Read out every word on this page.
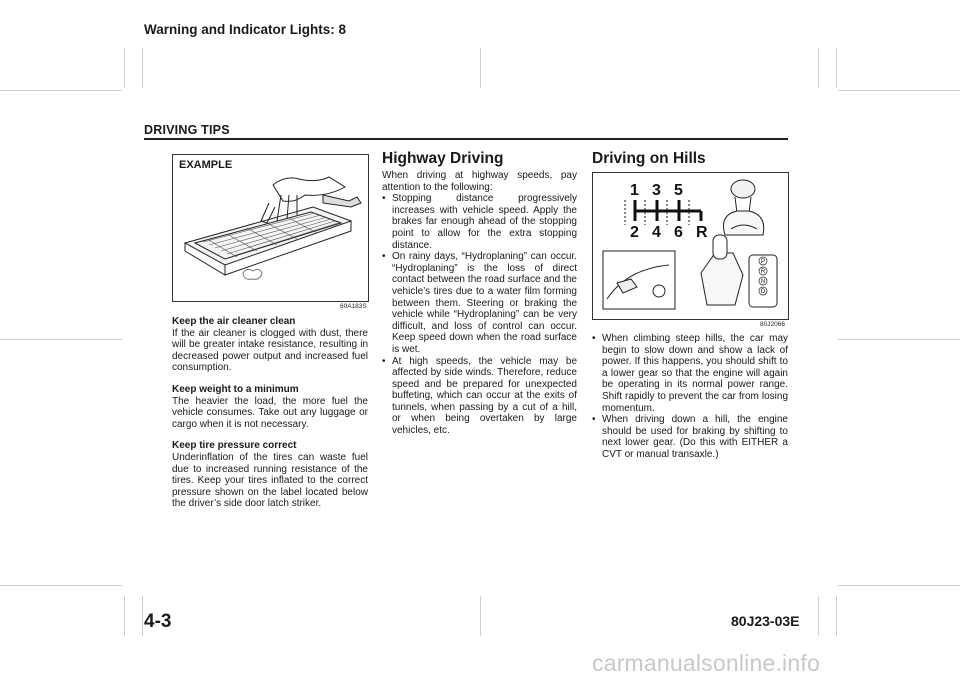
Warning and Indicator Lights: 8
DRIVING TIPS
EXAMPLE
60A183S

Keep the air cleaner clean

If the air cleaner is clogged with dust, there will be greater intake resistance, resulting in decreased power output and increased fuel consumption.

Keep weight to a minimum

The heavier the load, the more fuel the vehicle consumes. Take out any luggage or cargo when it is not necessary.

Keep tire pressure correct

Underinflation of the tires can waste fuel due to increased running resistance of the tires. Keep your tires inflated to the correct pressure shown on the label located below the driver’s side door latch striker.

Highway Driving

When driving at highway speeds, pay attention to the following:

• Stopping distance progressively increases with vehicle speed. Apply the brakes far enough ahead of the stopping point to allow for the extra stopping distance.
• On rainy days, “Hydroplaning” can occur. “Hydroplaning” is the loss of direct contact between the road surface and the vehicle’s tires due to a water film forming between them. Steering or braking the vehicle while “Hydroplaning” can be very difficult, and loss of control can occur. Keep speed down when the road surface is wet.
• At high speeds, the vehicle may be affected by side winds. Therefore, reduce speed and be prepared for unexpected buffeting, which can occur at the exits of tunnels, when passing by a cut of a hill, or when being overtaken by large vehicles, etc.
Driving on Hills
1 3 5
2 4 6 R
P
R
N
D
80J2066
• When climbing steep hills, the car may begin to slow down and show a lack of power. If this happens, you should shift to a lower gear so that the engine will again be operating in its normal power range. Shift rapidly to prevent the car from losing momentum.
• When driving down a hill, the engine should be used for braking by shifting to next lower gear. (Do this with EITHER a CVT or manual transaxle.)
4-3	80J23-03E
carmanualsonline.info
